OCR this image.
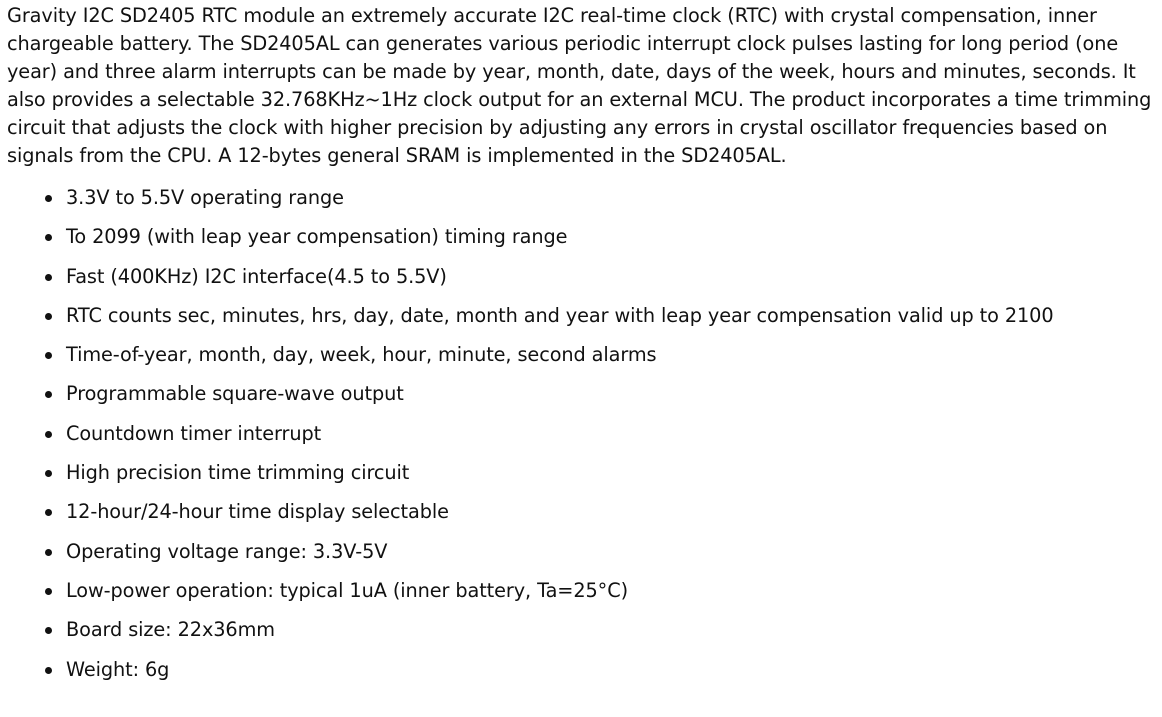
Gravity I2C SD2405 RTC module an extremely accurate I2C real-time clock (RTC) with crystal compensation, inner chargeable battery. The SD2405AL can generates various periodic interrupt clock pulses lasting for long period (one year) and three alarm interrupts can be made by year, month, date, days of the week, hours and minutes, seconds. It also provides a selectable 32.768KHz~1Hz clock output for an external MCU. The product incorporates a time trimming circuit that adjusts the clock with higher precision by adjusting any errors in crystal oscillator frequencies based on signals from the CPU. A 12-bytes general SRAM is implemented in the SD2405AL.

3.3V to 5.5V operating range
To 2099 (with leap year compensation) timing range
Fast (400KHz) I2C interface(4.5 to 5.5V)
RTC counts sec, minutes, hrs, day, date, month and year with leap year compensation valid up to 2100
Time-of-year, month, day, week, hour, minute, second alarms
Programmable square-wave output
Countdown timer interrupt
High precision time trimming circuit
12-hour/24-hour time display selectable
Operating voltage range: 3.3V-5V
Low-power operation: typical 1uA (inner battery, Ta=25°C)
Board size: 22x36mm
Weight: 6g
